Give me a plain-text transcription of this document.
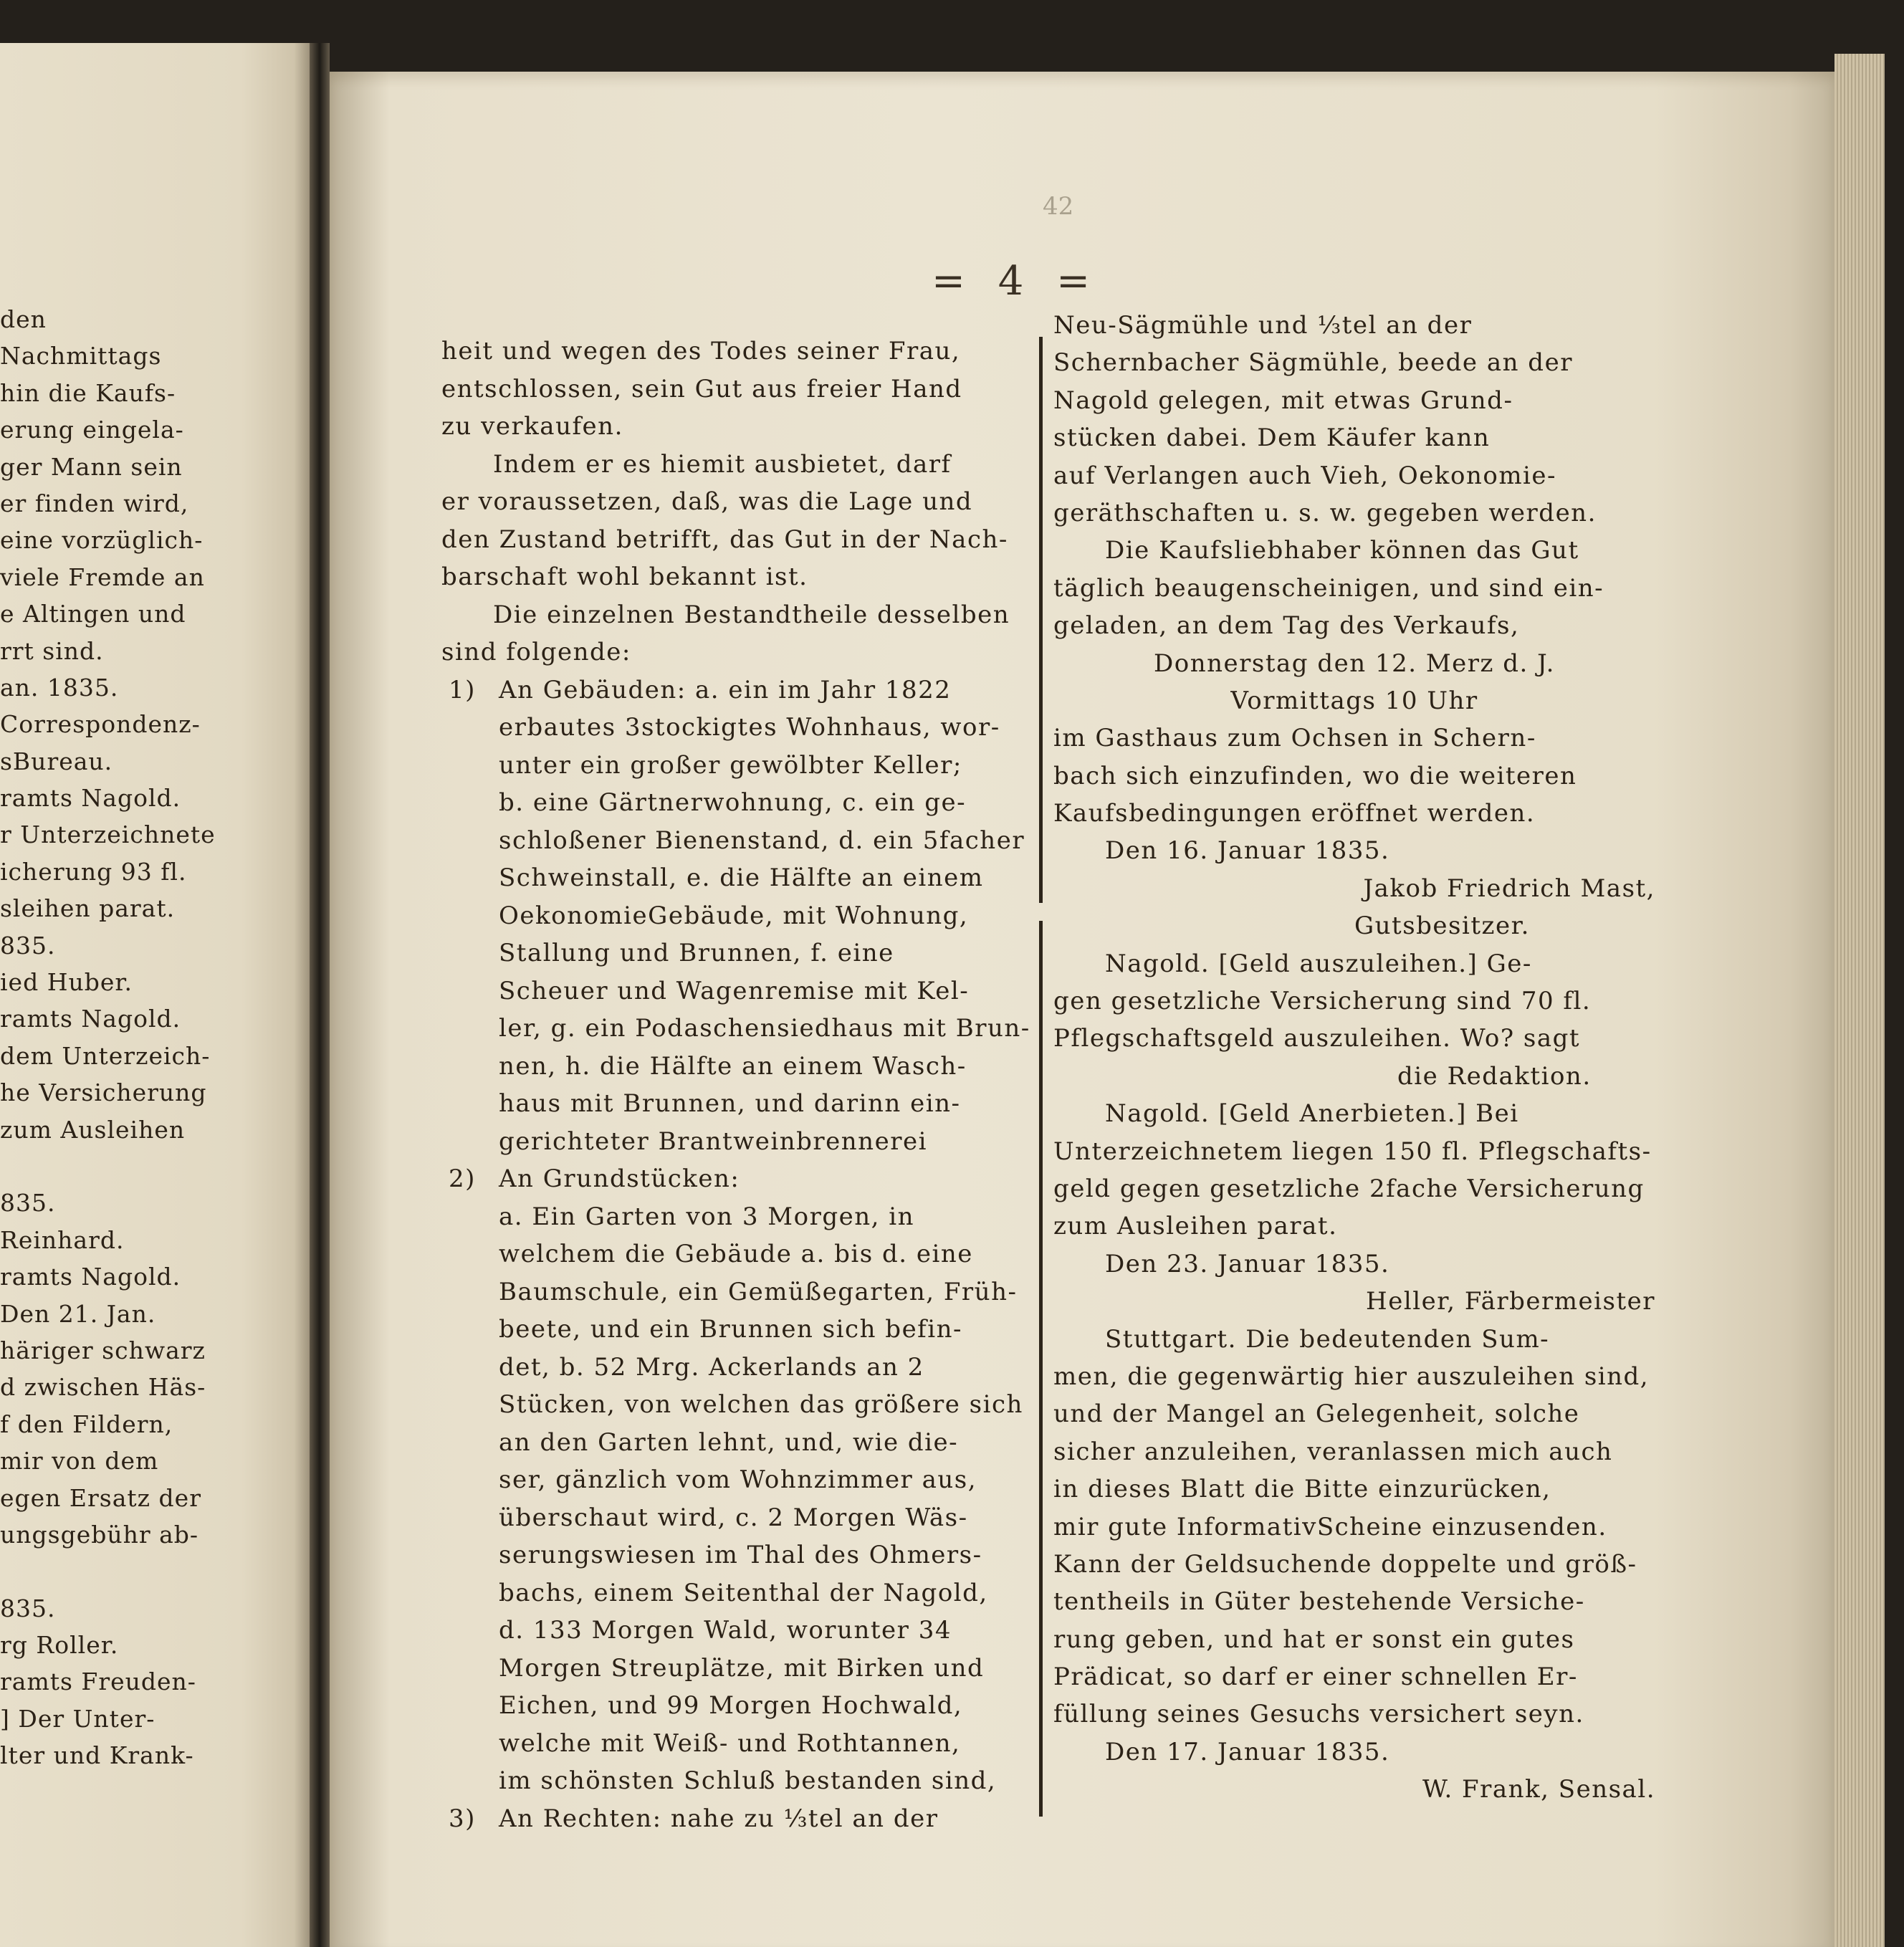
den
Nachmittags
hin die Kaufs-
erung eingela-
ger Mann sein
er finden wird,
eine vorzüglich-
viele Fremde an
e Altingen und
rrt sind.
an. 1835.
Correspondenz-
sBureau.
ramts Nagold.
r Unterzeichnete
icherung 93 fl.
sleihen parat.
835.
ied Huber.
ramts Nagold.
dem Unterzeich-
he Versicherung
zum Ausleihen
835.
Reinhard.
ramts Nagold.
Den 21. Jan.
häriger schwarz
d zwischen Häs-
f den Fildern,
mir von dem
egen Ersatz der
ungsgebühr ab-
835.
rg Roller.
ramts Freuden-
] Der Unter-
lter und Krank-
42
= 4 =
heit und wegen des Todes seiner Frau,
entschlossen, sein Gut aus freier Hand
zu verkaufen.
Indem er es hiemit ausbietet, darf
er voraussetzen, daß, was die Lage und
den Zustand betrifft, das Gut in der Nach-
barschaft wohl bekannt ist.
Die einzelnen Bestandtheile desselben
sind folgende:
1) An Gebäuden: a. ein im Jahr 1822
erbautes 3stockigtes Wohnhaus, wor-
unter ein großer gewölbter Keller;
b. eine Gärtnerwohnung, c. ein ge-
schloßener Bienenstand, d. ein 5facher
Schweinstall, e. die Hälfte an einem
OekonomieGebäude, mit Wohnung,
Stallung und Brunnen, f. eine
Scheuer und Wagenremise mit Kel-
ler, g. ein Podaschensiedhaus mit Brun-
nen, h. die Hälfte an einem Wasch-
haus mit Brunnen, und darinn ein-
gerichteter Brantweinbrennerei
2) An Grundstücken:
a. Ein Garten von 3 Morgen, in
welchem die Gebäude a. bis d. eine
Baumschule, ein Gemüßegarten, Früh-
beete, und ein Brunnen sich befin-
det, b. 52 Mrg. Ackerlands an 2
Stücken, von welchen das größere sich
an den Garten lehnt, und, wie die-
ser, gänzlich vom Wohnzimmer aus,
überschaut wird, c. 2 Morgen Wäs-
serungswiesen im Thal des Ohmers-
bachs, einem Seitenthal der Nagold,
d. 133 Morgen Wald, worunter 34
Morgen Streuplätze, mit Birken und
Eichen, und 99 Morgen Hochwald,
welche mit Weiß- und Rothtannen,
im schönsten Schluß bestanden sind,
3) An Rechten: nahe zu ⅓tel an der
Neu-Sägmühle und ⅓tel an der
Schernbacher Sägmühle, beede an der
Nagold gelegen, mit etwas Grund-
stücken dabei. Dem Käufer kann
auf Verlangen auch Vieh, Oekonomie-
geräthschaften u. s. w. gegeben werden.
Die Kaufsliebhaber können das Gut
täglich beaugenscheinigen, und sind ein-
geladen, an dem Tag des Verkaufs,
Donnerstag den 12. Merz d. J.
Vormittags 10 Uhr
im Gasthaus zum Ochsen in Schern-
bach sich einzufinden, wo die weiteren
Kaufsbedingungen eröffnet werden.
Den 16. Januar 1835.
Jakob Friedrich Mast,
Gutsbesitzer.
Nagold. [Geld auszuleihen.] Ge-
gen gesetzliche Versicherung sind 70 fl.
Pflegschaftsgeld auszuleihen. Wo? sagt
die Redaktion.
Nagold. [Geld Anerbieten.] Bei
Unterzeichnetem liegen 150 fl. Pflegschafts-
geld gegen gesetzliche 2fache Versicherung
zum Ausleihen parat.
Den 23. Januar 1835.
Heller, Färbermeister
Stuttgart. Die bedeutenden Sum-
men, die gegenwärtig hier auszuleihen sind,
und der Mangel an Gelegenheit, solche
sicher anzuleihen, veranlassen mich auch
in dieses Blatt die Bitte einzurücken,
mir gute InformativScheine einzusenden.
Kann der Geldsuchende doppelte und größ-
tentheils in Güter bestehende Versiche-
rung geben, und hat er sonst ein gutes
Prädicat, so darf er einer schnellen Er-
füllung seines Gesuchs versichert seyn.
Den 17. Januar 1835.
W. Frank, Sensal.
